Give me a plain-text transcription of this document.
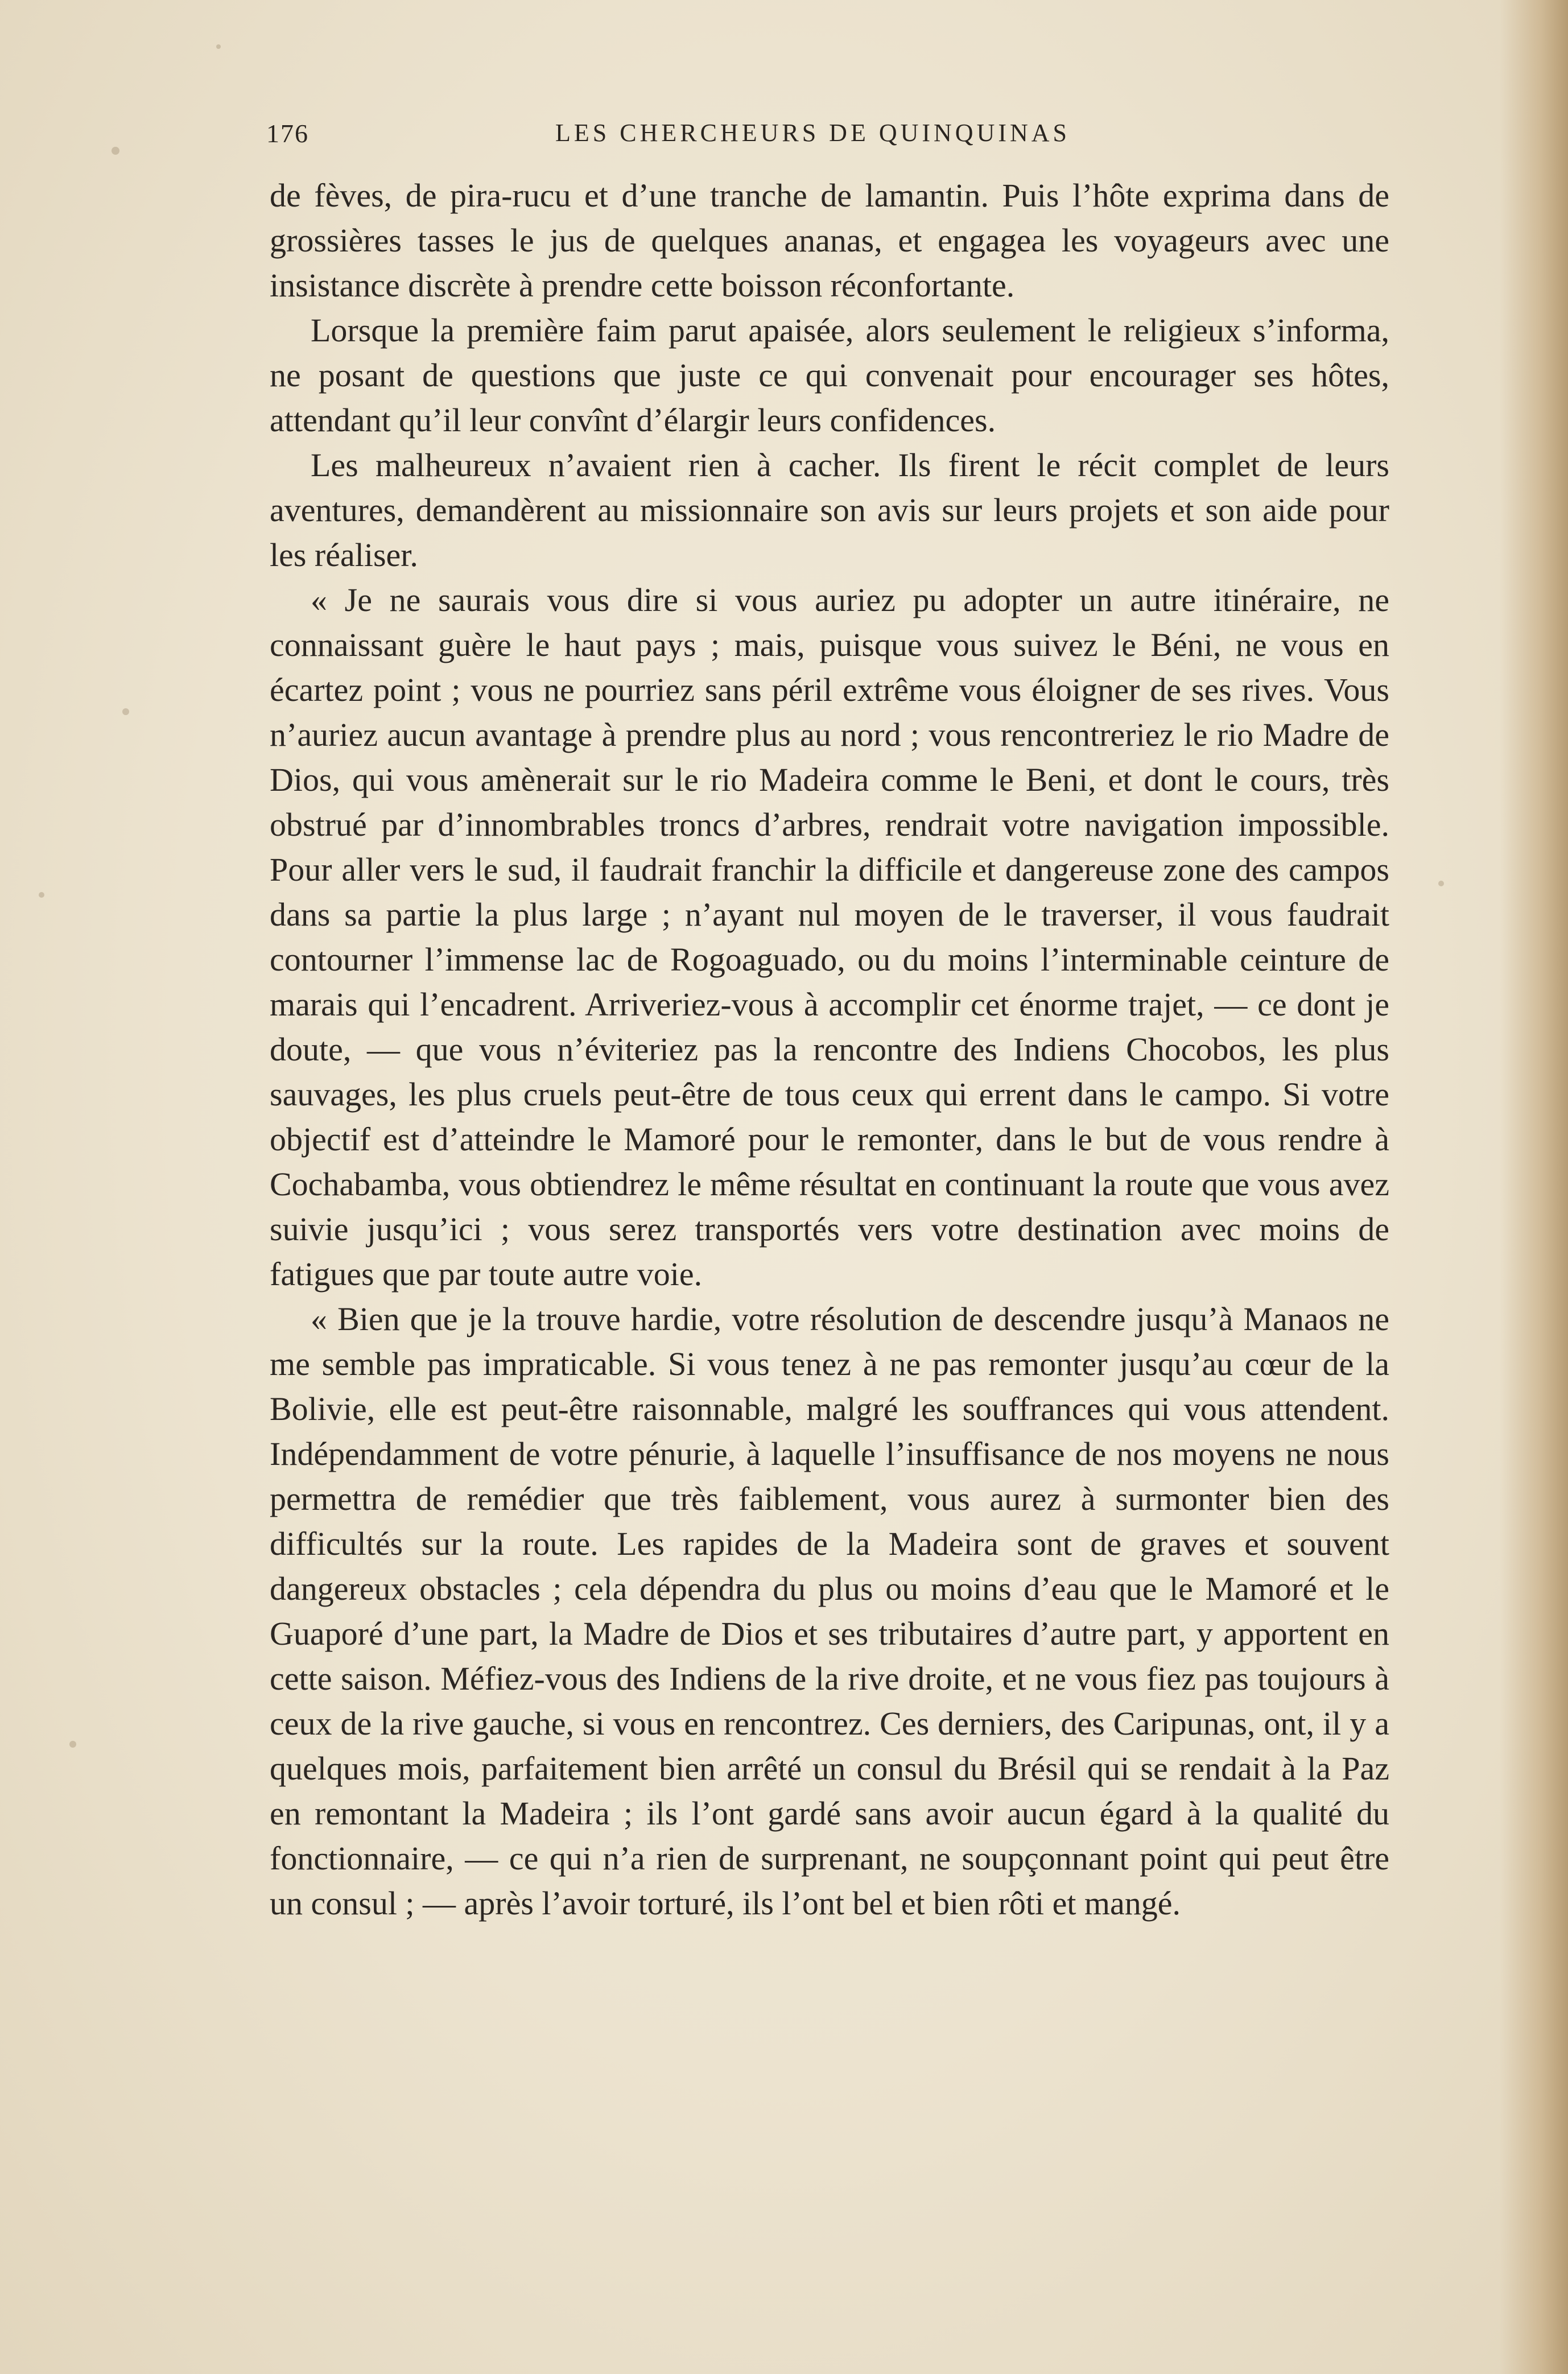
176	LES CHERCHEURS DE QUINQUINAS

de fèves, de pira-rucu et d’une tranche de lamantin. Puis l’hôte exprima dans de grossières tasses le jus de quelques ananas, et engagea les voyageurs avec une insistance discrète à prendre cette boisson réconfortante.

Lorsque la première faim parut apaisée, alors seulement le religieux s’informa, ne posant de questions que juste ce qui convenait pour encourager ses hôtes, attendant qu’il leur convînt d’élargir leurs confidences.

Les malheureux n’avaient rien à cacher. Ils firent le récit complet de leurs aventures, demandèrent au missionnaire son avis sur leurs projets et son aide pour les réaliser.

« Je ne saurais vous dire si vous auriez pu adopter un autre itinéraire, ne connaissant guère le haut pays ; mais, puisque vous suivez le Béni, ne vous en écartez point ; vous ne pourriez sans péril extrême vous éloigner de ses rives. Vous n’auriez aucun avantage à prendre plus au nord ; vous rencontreriez le rio Madre de Dios, qui vous amènerait sur le rio Madeira comme le Beni, et dont le cours, très obstrué par d’innombrables troncs d’arbres, rendrait votre navigation impossible. Pour aller vers le sud, il faudrait franchir la difficile et dangereuse zone des campos dans sa partie la plus large ; n’ayant nul moyen de le traverser, il vous faudrait contourner l’immense lac de Rogoaguado, ou du moins l’interminable ceinture de marais qui l’encadrent. Arriveriez-vous à accomplir cet énorme trajet, — ce dont je doute, — que vous n’éviteriez pas la rencontre des Indiens Chocobos, les plus sauvages, les plus cruels peut-être de tous ceux qui errent dans le campo. Si votre objectif est d’atteindre le Mamoré pour le remonter, dans le but de vous rendre à Cochabamba, vous obtiendrez le même résultat en continuant la route que vous avez suivie jusqu’ici ; vous serez transportés vers votre destination avec moins de fatigues que par toute autre voie.

« Bien que je la trouve hardie, votre résolution de descendre jusqu’à Manaos ne me semble pas impraticable. Si vous tenez à ne pas remonter jusqu’au cœur de la Bolivie, elle est peut-être raisonnable, malgré les souffrances qui vous attendent. Indépendamment de votre pénurie, à laquelle l’insuffisance de nos moyens ne nous permettra de remédier que très faiblement, vous aurez à surmonter bien des difficultés sur la route. Les rapides de la Madeira sont de graves et souvent dangereux obstacles ; cela dépendra du plus ou moins d’eau que le Mamoré et le Guaporé d’une part, la Madre de Dios et ses tributaires d’autre part, y apportent en cette saison. Méfiez-vous des Indiens de la rive droite, et ne vous fiez pas toujours à ceux de la rive gauche, si vous en rencontrez. Ces derniers, des Caripunas, ont, il y a quelques mois, parfaitement bien arrêté un consul du Brésil qui se rendait à la Paz en remontant la Madeira ; ils l’ont gardé sans avoir aucun égard à la qualité du fonctionnaire, — ce qui n’a rien de surprenant, ne soupçonnant point qui peut être un consul ; — après l’avoir torturé, ils l’ont bel et bien rôti et mangé.
